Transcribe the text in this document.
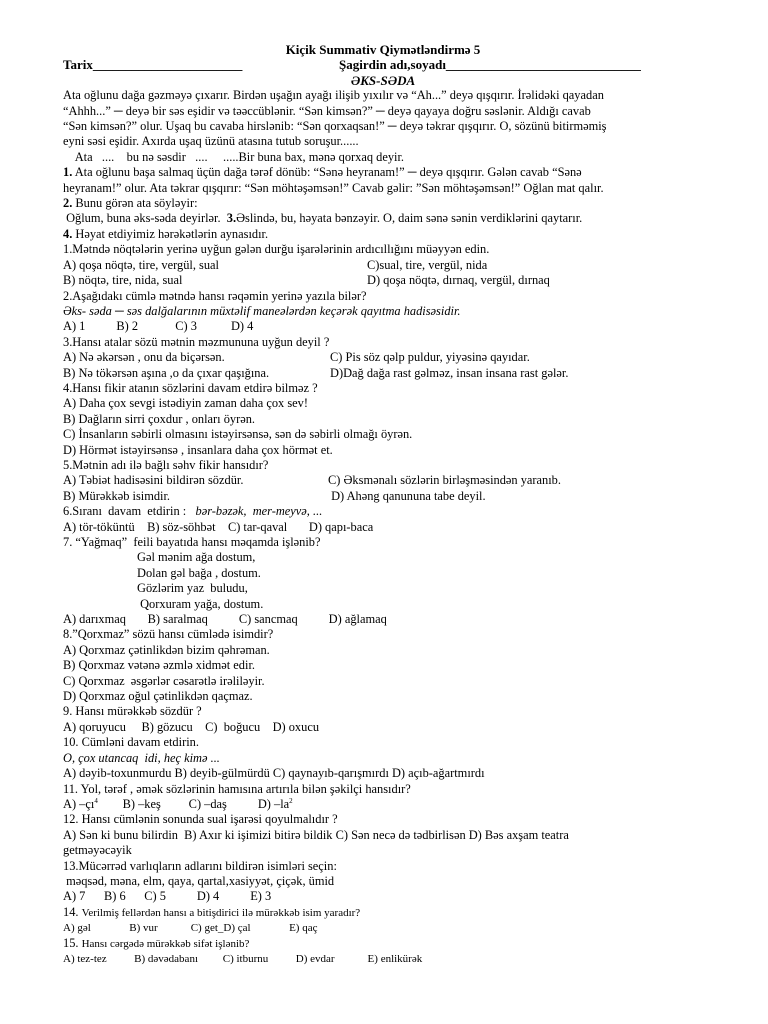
Kiçik Summativ Qiymətləndirmə 5
Tarix_______________________	Şagirdin adı,soyadı______________________________
ƏKS-SƏDA
Ata oğlunu dağa gəzməyə çıxarır. Birdən uşağın ayağı ilişib yıxılır və “Ah...” deyə qışqırır. İrəlidəki qayadan
“Ahhh...” ─ deyə bir səs eşidir və təəccüblənir. “Sən kimsən?” ─ deyə qayaya doğru səslənir. Aldığı cavab
“Sən kimsən?” olur. Uşaq bu cavaba hirslənib: “Sən qorxaqsan!” ─ deyə təkrar qışqırır. O, sözünü bitirməmiş
eyni səsi eşidir. Axırda uşaq üzünü atasına tutub soruşur......
Ata   ....    bu nə səsdir   ....     .....Bir buna bax, mənə qorxaq deyir.
1. Ata oğlunu başa salmaq üçün dağa tərəf dönüb: “Sənə heyranam!” ─ deyə qışqırır. Gələn cavab “Sənə
heyranam!” olur. Ata təkrar qışqırır: “Sən möhtəşəmsən!” Cavab gəlir: ”Sən möhtəşəmsən!” Oğlan mat qalır.
2. Bunu görən ata söyləyir:
Oğlum, buna əks-səda deyirlər.  3.Əslində, bu, həyata bənzəyir. O, daim sənə sənin verdiklərini qaytarır.
4. Həyat etdiyimiz hərəkətlərin aynasıdır.
1.Mətndə nöqtələrin yerinə uyğun gələn durğu işarələrinin ardıcıllığını müəyyən edin.
A) qoşa nöqtə, tire, vergül, sual	C)sual, tire, vergül, nida
B) nöqtə, tire, nida, sual	D) qoşa nöqtə, dırnaq, vergül, dırnaq
2.Aşağıdakı cümlə mətndə hansı rəqəmin yerinə yazıla bilər?
Əks- səda ─ səs dalğalarının müxtəlif maneələrdən keçərək qayıtma hadisəsidir.
A) 1          B) 2            C) 3           D) 4
3.Hansı atalar sözü mətnin məzmununa uyğun deyil ?
A) Nə əkərsən , onu da biçərsən.	C) Pis söz qəlp puldur, yiyəsinə qayıdar.
B) Nə tökərsən aşına ,o da çıxar qaşığına.	D)Dağ dağa rast gəlməz, insan insana rast gələr.
4.Hansı fikir atanın sözlərini davam etdirə bilməz ?
A) Daha çox sevgi istədiyin zaman daha çox sev!
B) Dağların sirri çoxdur , onları öyrən.
C) İnsanların səbirli olmasını istəyirsənsə, sən də səbirli olmağı öyrən.
D) Hörmət istəyirsənsə , insanlara daha çox hörmət et.
5.Mətnin adı ilə bağlı səhv fikir hansıdır?
A) Təbiət hadisəsini bildirən sözdür.	C) Əksmənalı sözlərin birləşməsindən yaranıb.
B) Mürəkkəb isimdir.	D) Ahəng qanununa tabe deyil.
6.Sıranı  davam  etdirin :   bər-bəzək,  mer-meyvə, ...
A) tör-töküntü    B) söz-söhbət    C) tar-qaval       D) qapı-baca
7. “Yağmaq”  feili bayatıda hansı məqamda işlənib?
Gəl mənim ağa dostum,
Dolan gəl bağa , dostum.
Gözlərim yaz  buludu,
Qorxuram yağa, dostum.
A) darıxmaq       B) saralmaq          C) sancmaq          D) ağlamaq
8.”Qorxmaz” sözü hansı cümlədə isimdir?
A) Qorxmaz çətinlikdən bizim qəhrəman.
B) Qorxmaz vətənə əzmlə xidmət edir.
C) Qorxmaz  əsgərlər cəsarətlə irəliləyir.
D) Qorxmaz oğul çətinlikdən qaçmaz.
9. Hansı mürəkkəb sözdür ?
A) qoruyucu     B) gözucu    C)  boğucu    D) oxucu
10. Cümləni davam etdirin.
O, çox utancaq  idi, heç kimə ...
A) dəyib-toxunmurdu B) deyib-gülmürdü C) qaynayıb-qarışmırdı D) açıb-ağartmırdı
11. Yol, tərəf , əmək sözlərinin hamısına artırıla bilən şəkilçi hansıdır?
A) $-çı^4$        B) –keş         C) –daş          D) $-la^2$
12. Hansı cümlənin sonunda sual işarəsi qoyulmalıdır ?
A) Sən ki bunu bilirdin  B) Axır ki işimizi bitirə bildik C) Sən necə də tədbirlisən D) Bəs axşam teatra
getməyəcəyik
13.Mücərrəd varlıqların adlarını bildirən isimləri seçin:
məqsəd, məna, elm, qaya, qartal,xasiyyət, çiçək, ümid
A) 7      B) 6      C) 5          D) 4          E) 3
14. Verilmiş fellərdən hansı a bitişdirici ilə mürəkkəb isim yaradır?
A) gəl              B) vur            C) get_D) çal              E) qaç
15. Hansı cərgədə mürəkkəb sifət işlənib?
A) tez-tez          B) dəvədabanı         C) itburnu          D) evdar            E) enlikürək
